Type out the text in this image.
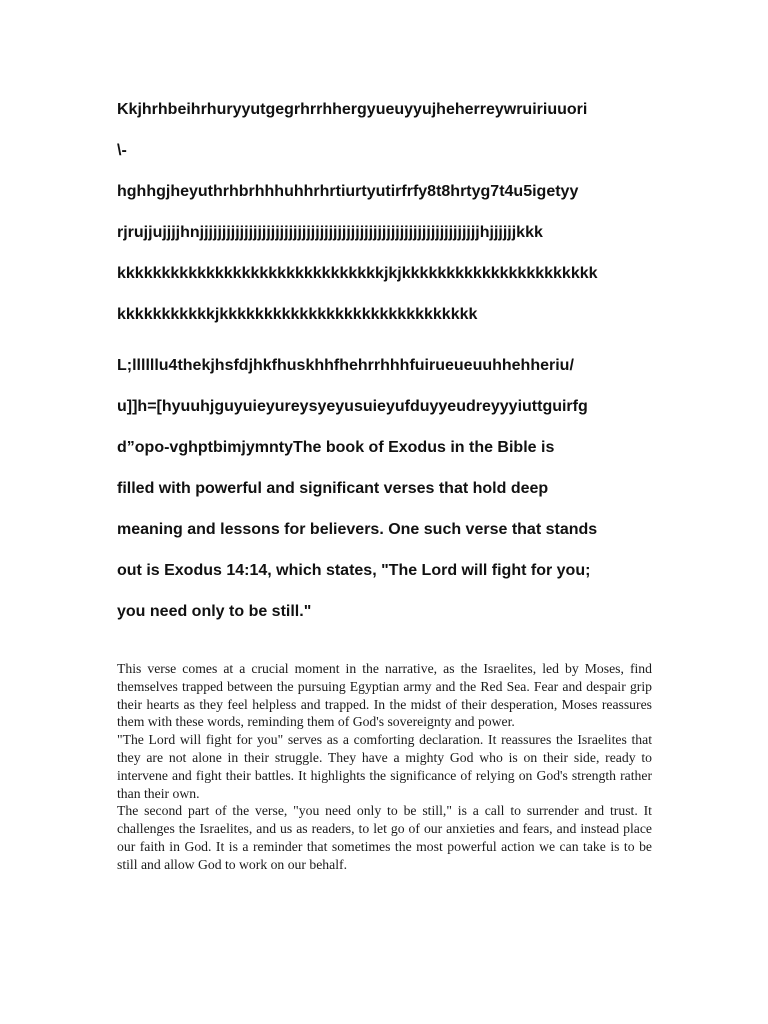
Kkjhrhbeihrhuryyutgegrhrrhhergyueuyyujheherreywruiriuuori

\-

hghhgjheyuthrhbrhhhuhhrhrtiurtyutirfrfy8t8hrtyg7t4u5igetyy

rjrujjujjjjhnjjjjjjjjjjjjjjjjjjjjjjjjjjjjjjjjjjjjjjjjjjjjjjjjjjjjjjjjjjjjjjjhjjjjjjkkk

kkkkkkkkkkkkkkkkkkkkkkkkkkkkkkjkjkkkkkkkkkkkkkkkkkkkkkk

kkkkkkkkkkkjkkkkkkkkkkkkkkkkkkkkkkkkkkkkk

L;llllllu4thekjhsfdjhkfhuskhhfhehrrhhhfuirueueuuhhehheriu/

u]]h=[hyuuhjguyuieyureysyeyusuieyufduyyeudreyyyiuttguirfg

d”opo-vghptbimjymntyThe book of Exodus in the Bible is

filled with powerful and significant verses that hold deep

meaning and lessons for believers. One such verse that stands

out is Exodus 14:14, which states, "The Lord will fight for you;

you need only to be still."

This verse comes at a crucial moment in the narrative, as the Israelites, led by Moses, find themselves trapped between the pursuing Egyptian army and the Red Sea. Fear and despair grip their hearts as they feel helpless and trapped. In the midst of their desperation, Moses reassures them with these words, reminding them of God's sovereignty and power.

"The Lord will fight for you" serves as a comforting declaration. It reassures the Israelites that they are not alone in their struggle. They have a mighty God who is on their side, ready to intervene and fight their battles. It highlights the significance of relying on God's strength rather than their own.

The second part of the verse, "you need only to be still," is a call to surrender and trust. It challenges the Israelites, and us as readers, to let go of our anxieties and fears, and instead place our faith in God. It is a reminder that sometimes the most powerful action we can take is to be still and allow God to work on our behalf.
